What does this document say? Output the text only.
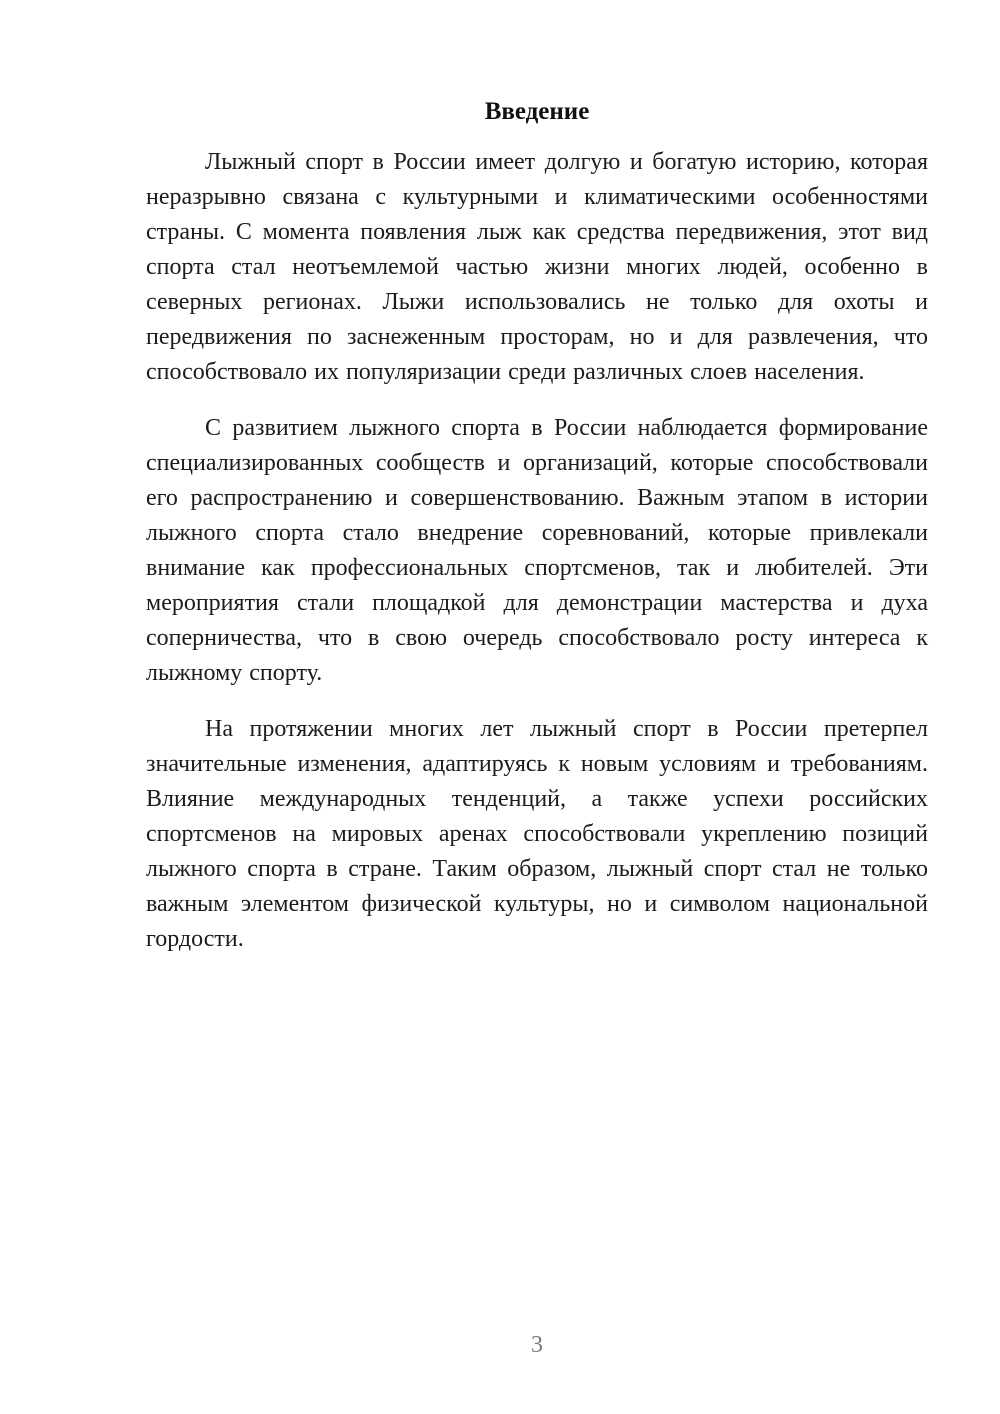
Введение

Лыжный спорт в России имеет долгую и богатую историю, которая неразрывно связана с культурными и климатическими особенностями страны. С момента появления лыж как средства передвижения, этот вид спорта стал неотъемлемой частью жизни многих людей, особенно в северных регионах. Лыжи использовались не только для охоты и передвижения по заснеженным просторам, но и для развлечения, что способствовало их популяризации среди различных слоев населения.

С развитием лыжного спорта в России наблюдается формирование специализированных сообществ и организаций, которые способствовали его распространению и совершенствованию. Важным этапом в истории лыжного спорта стало внедрение соревнований, которые привлекали внимание как профессиональных спортсменов, так и любителей. Эти мероприятия стали площадкой для демонстрации мастерства и духа соперничества, что в свою очередь способствовало росту интереса к лыжному спорту.

На протяжении многих лет лыжный спорт в России претерпел значительные изменения, адаптируясь к новым условиям и требованиям. Влияние международных тенденций, а также успехи российских спортсменов на мировых аренах способствовали укреплению позиций лыжного спорта в стране. Таким образом, лыжный спорт стал не только важным элементом физической культуры, но и символом национальной гордости.

3
